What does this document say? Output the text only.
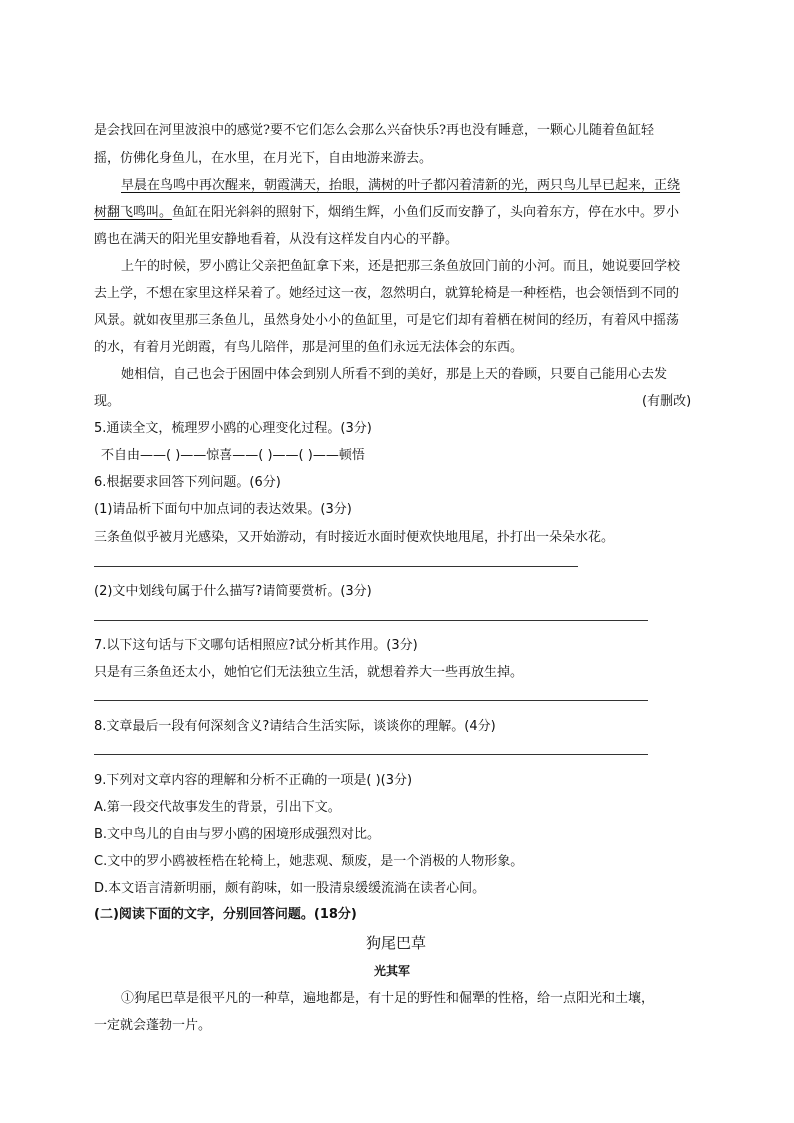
是会找回在河里波浪中的感觉?要不它们怎么会那么兴奋快乐?再也没有睡意，一颗心儿随着鱼缸轻
摇，仿佛化身鱼儿，在水里，在月光下，自由地游来游去。
早晨在鸟鸣中再次醒来，朝霞满天，抬眼，满树的叶子都闪着清新的光，两只鸟儿早已起来，正绕
树翻飞鸣叫。鱼缸在阳光斜斜的照射下，烟绡生辉，小鱼们反而安静了，头向着东方，停在水中。罗小
鸥也在满天的阳光里安静地看着，从没有这样发自内心的平静。
上午的时候，罗小鸥让父亲把鱼缸拿下来，还是把那三条鱼放回门前的小河。而且，她说要回学校
去上学，不想在家里这样呆着了。她经过这一夜，忽然明白，就算轮椅是一种桎梏，也会领悟到不同的
风景。就如夜里那三条鱼儿，虽然身处小小的鱼缸里，可是它们却有着栖在树间的经历，有着风中摇荡
的水，有着月光朗霞，有鸟儿陪伴，那是河里的鱼们永远无法体会的东西。
她相信，自己也会于困圄中体会到别人所看不到的美好，那是上天的眷顾，只要自己能用心去发
现。	(有删改)
5.通读全文，梳理罗小鸥的心理变化过程。(3分)
不自由——( )——惊喜——( )——( )——顿悟
6.根据要求回答下列问题。(6分)
(1)请品析下面句中加点词的表达效果。(3分)
三条鱼似乎被月光感染，又开始游动，有时接近水面时便欢快地甩尾，扑打出一朵朵水花。
(2)文中划线句属于什么描写?请简要赏析。(3分)
7.以下这句话与下文哪句话相照应?试分析其作用。(3分)
只是有三条鱼还太小，她怕它们无法独立生活，就想着养大一些再放生掉。
8.文章最后一段有何深刻含义?请结合生活实际，谈谈你的理解。(4分)
9.下列对文章内容的理解和分析不正确的一项是( )(3分)
A.第一段交代故事发生的背景，引出下文。
B.文中鸟儿的自由与罗小鸥的困境形成强烈对比。
C.文中的罗小鸥被桎梏在轮椅上，她悲观、颓废，是一个消极的人物形象。
D.本文语言清新明丽，颇有韵味，如一股清泉缓缓流淌在读者心间。
(二)阅读下面的文字，分别回答问题。(18分)
狗尾巴草
光其军
①狗尾巴草是很平凡的一种草，遍地都是，有十足的野性和倔犟的性格，给一点阳光和土壤，
一定就会蓬勃一片。
